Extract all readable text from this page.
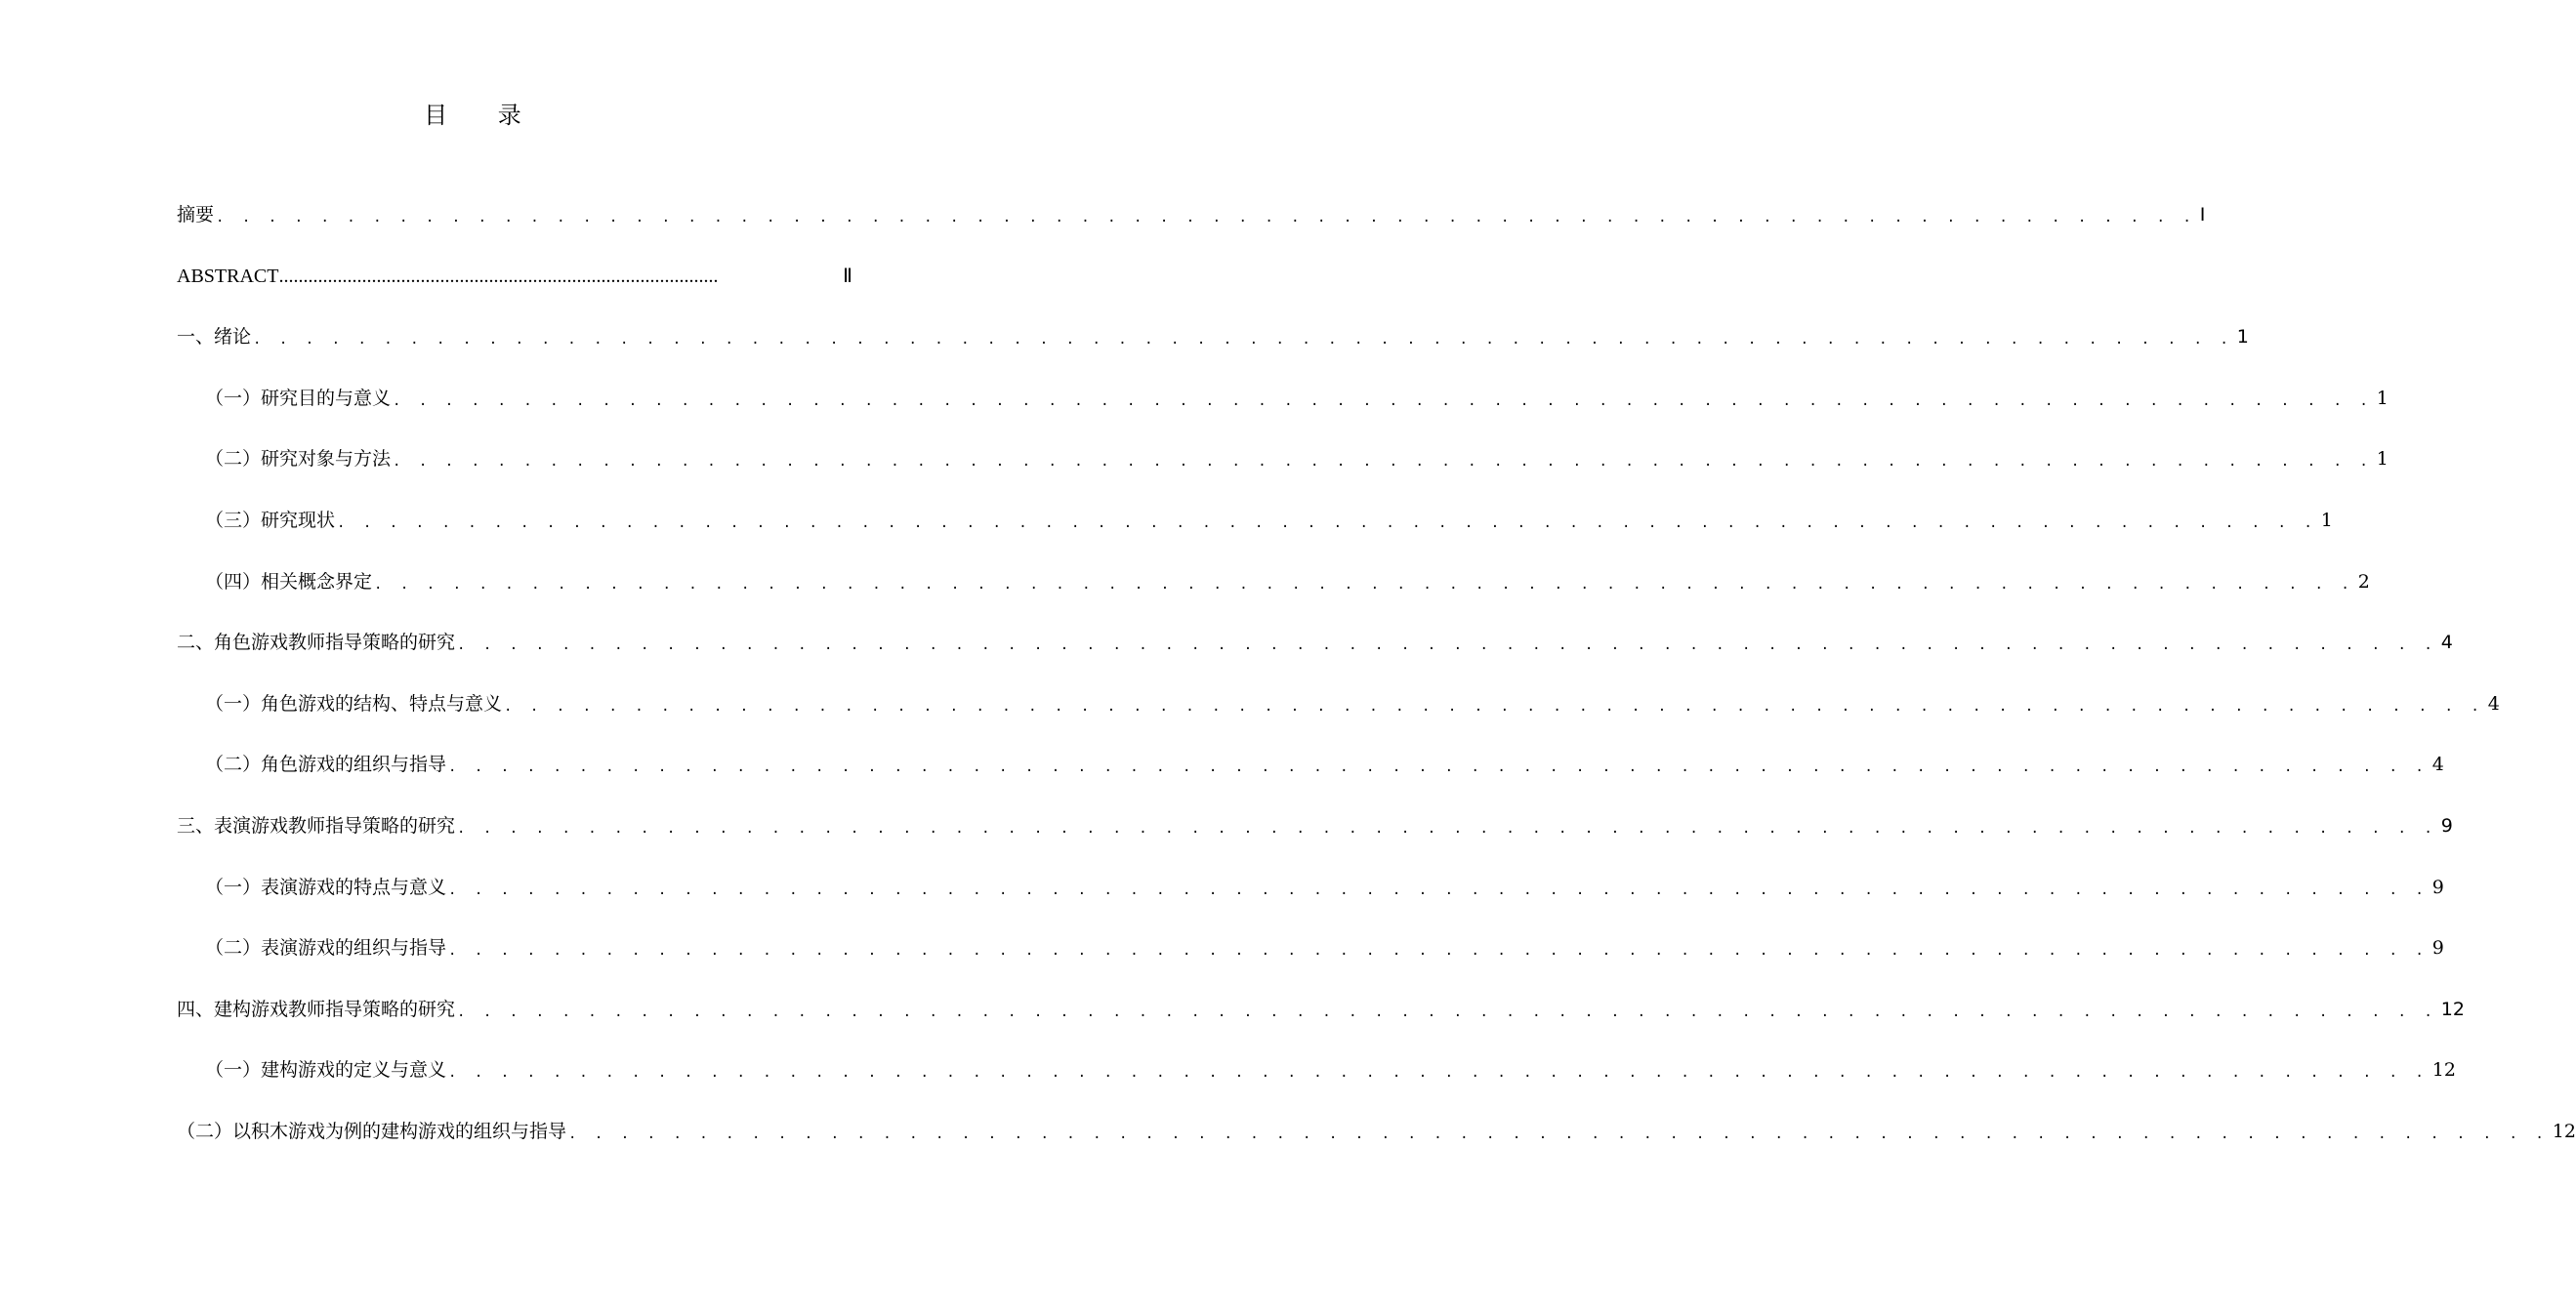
目 录
摘要 . . . . . . . . . . . . . . . . . . . . . . . . . . . . . . . . . . . . . . . . . . . . . . . . . . . . . . . . . . . . . . . . . . . . . . . . . . . . Ⅰ
ABSTRACT ..........................................................................................	Ⅱ
一、绪论 . . . . . . . . . . . . . . . . . . . . . . . . . . . . . . . . . . . . . . . . . . . . . . . . . . . . . . . . . . . . . . . . . . . . . . . . . . . . 1
（一）研究目的与意义 . . . . . . . . . . . . . . . . . . . . . . . . . . . . . . . . . . . . . . . . . . . . . . . . . . . . . . . . . . . . . . . . . . . . . . . . . . . . 1
（二）研究对象与方法 . . . . . . . . . . . . . . . . . . . . . . . . . . . . . . . . . . . . . . . . . . . . . . . . . . . . . . . . . . . . . . . . . . . . . . . . . . . . 1
（三）研究现状 . . . . . . . . . . . . . . . . . . . . . . . . . . . . . . . . . . . . . . . . . . . . . . . . . . . . . . . . . . . . . . . . . . . . . . . . . . . . 1
（四）相关概念界定 . . . . . . . . . . . . . . . . . . . . . . . . . . . . . . . . . . . . . . . . . . . . . . . . . . . . . . . . . . . . . . . . . . . . . . . . . . . . 2
二、角色游戏教师指导策略的研究 . . . . . . . . . . . . . . . . . . . . . . . . . . . . . . . . . . . . . . . . . . . . . . . . . . . . . . . . . . . . . . . . . . . . . . . . . . . . 4
（一）角色游戏的结构、特点与意义 . . . . . . . . . . . . . . . . . . . . . . . . . . . . . . . . . . . . . . . . . . . . . . . . . . . . . . . . . . . . . . . . . . . . . . . . . . . . 4
（二）角色游戏的组织与指导 . . . . . . . . . . . . . . . . . . . . . . . . . . . . . . . . . . . . . . . . . . . . . . . . . . . . . . . . . . . . . . . . . . . . . . . . . . . . 4
三、表演游戏教师指导策略的研究 . . . . . . . . . . . . . . . . . . . . . . . . . . . . . . . . . . . . . . . . . . . . . . . . . . . . . . . . . . . . . . . . . . . . . . . . . . . . 9
（一）表演游戏的特点与意义 . . . . . . . . . . . . . . . . . . . . . . . . . . . . . . . . . . . . . . . . . . . . . . . . . . . . . . . . . . . . . . . . . . . . . . . . . . . . 9
（二）表演游戏的组织与指导 . . . . . . . . . . . . . . . . . . . . . . . . . . . . . . . . . . . . . . . . . . . . . . . . . . . . . . . . . . . . . . . . . . . . . . . . . . . . 9
四、建构游戏教师指导策略的研究 . . . . . . . . . . . . . . . . . . . . . . . . . . . . . . . . . . . . . . . . . . . . . . . . . . . . . . . . . . . . . . . . . . . . . . . . . . . . 12
（一）建构游戏的定义与意义 . . . . . . . . . . . . . . . . . . . . . . . . . . . . . . . . . . . . . . . . . . . . . . . . . . . . . . . . . . . . . . . . . . . . . . . . . . . . 12
（二）以积木游戏为例的建构游戏的组织与指导 . . . . . . . . . . . . . . . . . . . . . . . . . . . . . . . . . . . . . . . . . . . . . . . . . . . . . . . . . . . . . . . . . . . . . . . . . . . . 12
